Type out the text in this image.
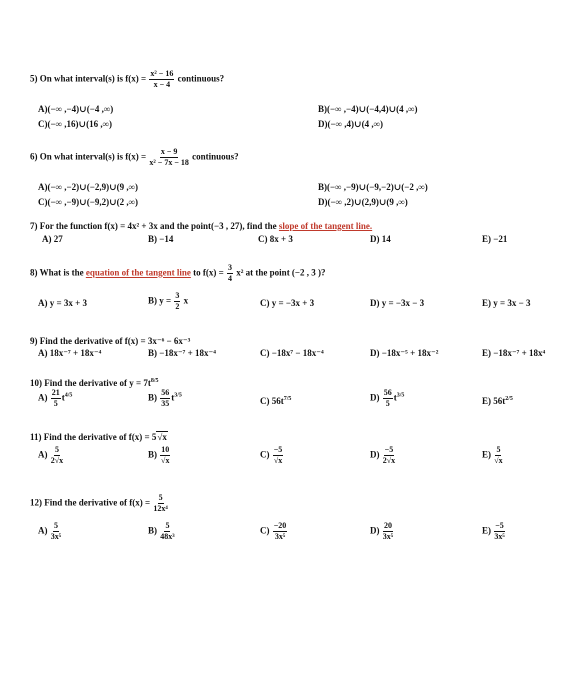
5) On what interval(s) is $f(x) = \frac{\text{x² − 16}}{x - 4}$ continuous?
A)(−∞ ,−4)∪(−4 ,∞)
C)(−∞ ,16)∪(16 ,∞)
B)(−∞ ,−4)∪(−4,4)∪(4 ,∞)
D)(−∞ ,4)∪(4 ,∞)
6) On what interval(s) is $f(x) = \frac{x - 9}{\text{x² − 7x − 18}}$ continuous?
A)(−∞ ,−2)∪(−2,9)∪(9 ,∞)
C)(−∞ ,−9)∪(−9,2)∪(2 ,∞)
B)(−∞ ,−9)∪(−9,−2)∪(−2 ,∞)
D)(−∞ ,2)∪(2,9)∪(9 ,∞)
7) For the function f(x) = 4x² + 3x and the point(−3 , 27), find the slope of the tangent line.
A) 27	B) −14	C) 8x + 3	D) 14	E) −21
8) What is the equation of the tangent line to $f(x) = \frac{3}{4} x^2$ at the point (−2 , 3 )?
A) y = 3x + 3	B) $y = \frac{3}{2}$ x	C) y = −3x + 3	D) y = −3x − 3	E) y = 3x − 3
9) Find the derivative of f(x) = 3x⁻⁶ − 6x⁻³
A) 18x⁻⁷ + 18x⁻⁴	B) −18x⁻⁷ + 18x⁻⁴	C) −18x⁷ − 18x⁻⁴	D) −18x⁻⁵ + 18x⁻²	E) −18x⁻⁷ + 18x⁴
10) Find the derivative of $y = 7t^{8/5}$
$A) \frac{21}{5} t^{4/5}$	$B) \frac{56}{35} t^{3/5}$
C) $56t^{7/5}$	$D) \frac{56}{5} t^{3/5}$
E) $56t^{2/5}$
11) Find the derivative of f(x) = 5√x
$A) \frac{5}{2√x}$	$B) \frac{10}{√x}$	$C) \frac{-5}{√x}$	$D) \frac{-5}{2√x}$	$E) \frac{5}{√x}$
12) Find the derivative of $f(x) = \frac{5}{\text{12x⁴}}$
$A) \frac{5}{\text{3x⁵}}$	$B) \frac{5}{\text{48x³}}$	$C) \frac{-20}{\text{3x⁵}}$	$D) \frac{20}{\text{3x⁵}}$	$E) \frac{-5}{\text{3x⁵}}$
